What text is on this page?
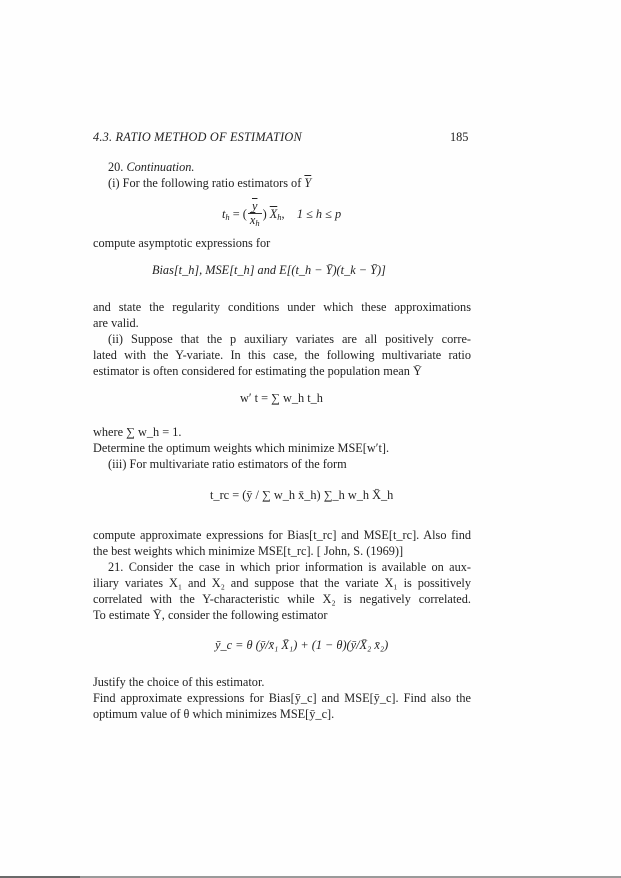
4.3. RATIO METHOD OF ESTIMATION	185
20. Continuation.
(i) For the following ratio estimators of $\overline{Y}$
$t_h$ = ( $\frac{\overline{y}}{\overline{x}_h}$ ) $\overline{X}_h$,    1 ≤ h ≤ p
compute asymptotic expressions for
Bias[t_h], MSE[t_h] and E[(t_h − Ȳ)(t_k − Ȳ)]
and state the regularity conditions under which these approximations
are valid.
(ii) Suppose that the p auxiliary variates are all positively corre-
lated with the Y-variate. In this case, the following multivariate ratio
estimator is often considered for estimating the population mean Ȳ
w′ t = ∑ w_h t_h
where ∑ w_h = 1.
Determine the optimum weights which minimize MSE[w′t].
(iii) For multivariate ratio estimators of the form
t_rc = (ȳ / ∑ w_h x̄_h) ∑_h w_h X̄_h
compute approximate expressions for Bias[t_rc] and MSE[t_rc]. Also find
the best weights which minimize MSE[t_rc]. [ John, S. (1969)]
21. Consider the case in which prior information is available on aux-
iliary variates X₁ and X₂ and suppose that the variate X₁ is possitively
correlated with the Y-characteristic while X₂ is negatively correlated.
To estimate Ȳ, consider the following estimator
ȳ_c = θ (ȳ/x̄₁ X̄₁) + (1 − θ)(ȳ/X̄₂ x̄₂)
Justify the choice of this estimator.
Find approximate expressions for Bias[ȳ_c] and MSE[ȳ_c]. Find also the
optimum value of θ which minimizes MSE[ȳ_c].
